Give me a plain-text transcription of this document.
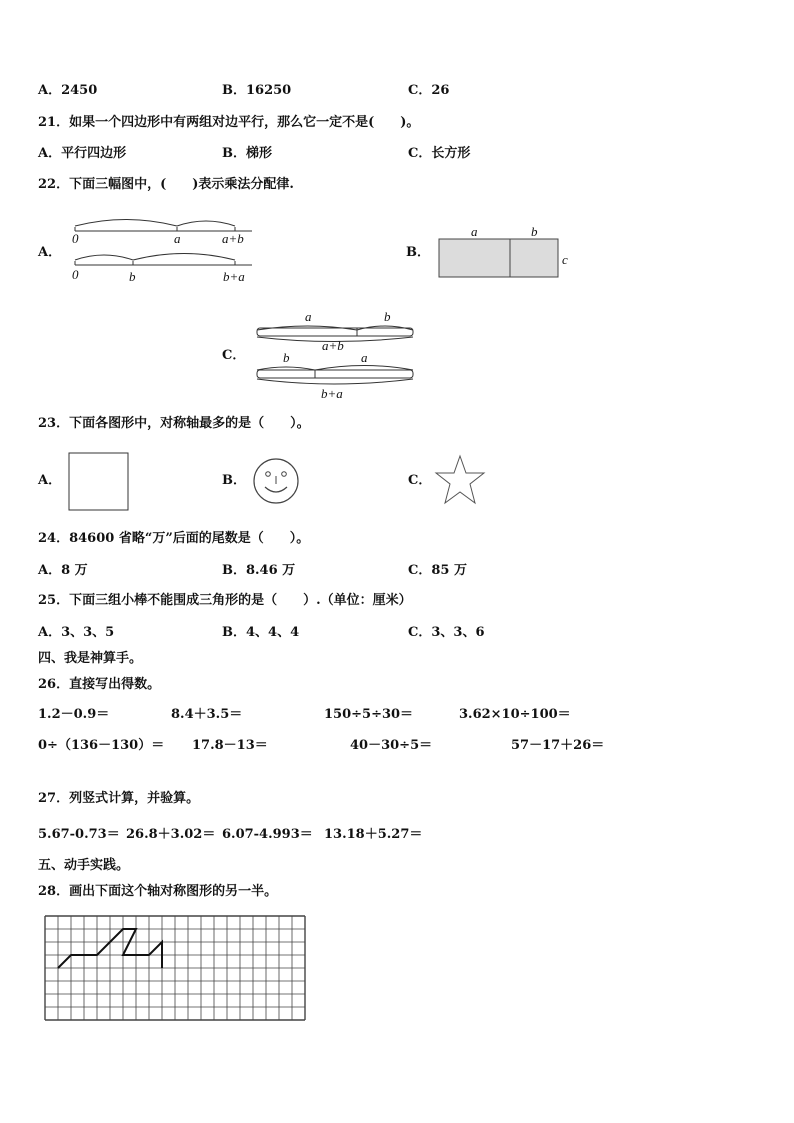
A．2450	B．16250	C．26
21．如果一个四边形中有两组对边平行，那么它一定不是(　　)。
A．平行四边形	B．梯形	C．长方形
22．下面三幅图中，(　　)表示乘法分配律.
A．
0	a	a+b
0	b	b+a
B．
a	b
c
C．
a	b
a+b
b	a
b+a
23．下面各图形中，对称轴最多的是（　　）。
A．	B．	C．
24．84600 省略“万”后面的尾数是（　　）。
A．8 万	B．8.46 万	C．85 万
25．下面三组小棒不能围成三角形的是（　　）.（单位：厘米）
A．3、3、5	B．4、4、4	C．3、3、6
四、我是神算手。
26．直接写出得数。
1.2－0.9＝	8.4＋3.5＝	150÷5÷30＝	3.62×10÷100＝
0÷（136－130）＝ 17.8－13＝	40－30÷5＝	57－17＋26＝
27．列竖式计算，并验算。
5.67-0.73＝ 26.8＋3.02＝ 6.07-4.993＝ 13.18＋5.27＝
五、动手实践。
28．画出下面这个轴对称图形的另一半。
